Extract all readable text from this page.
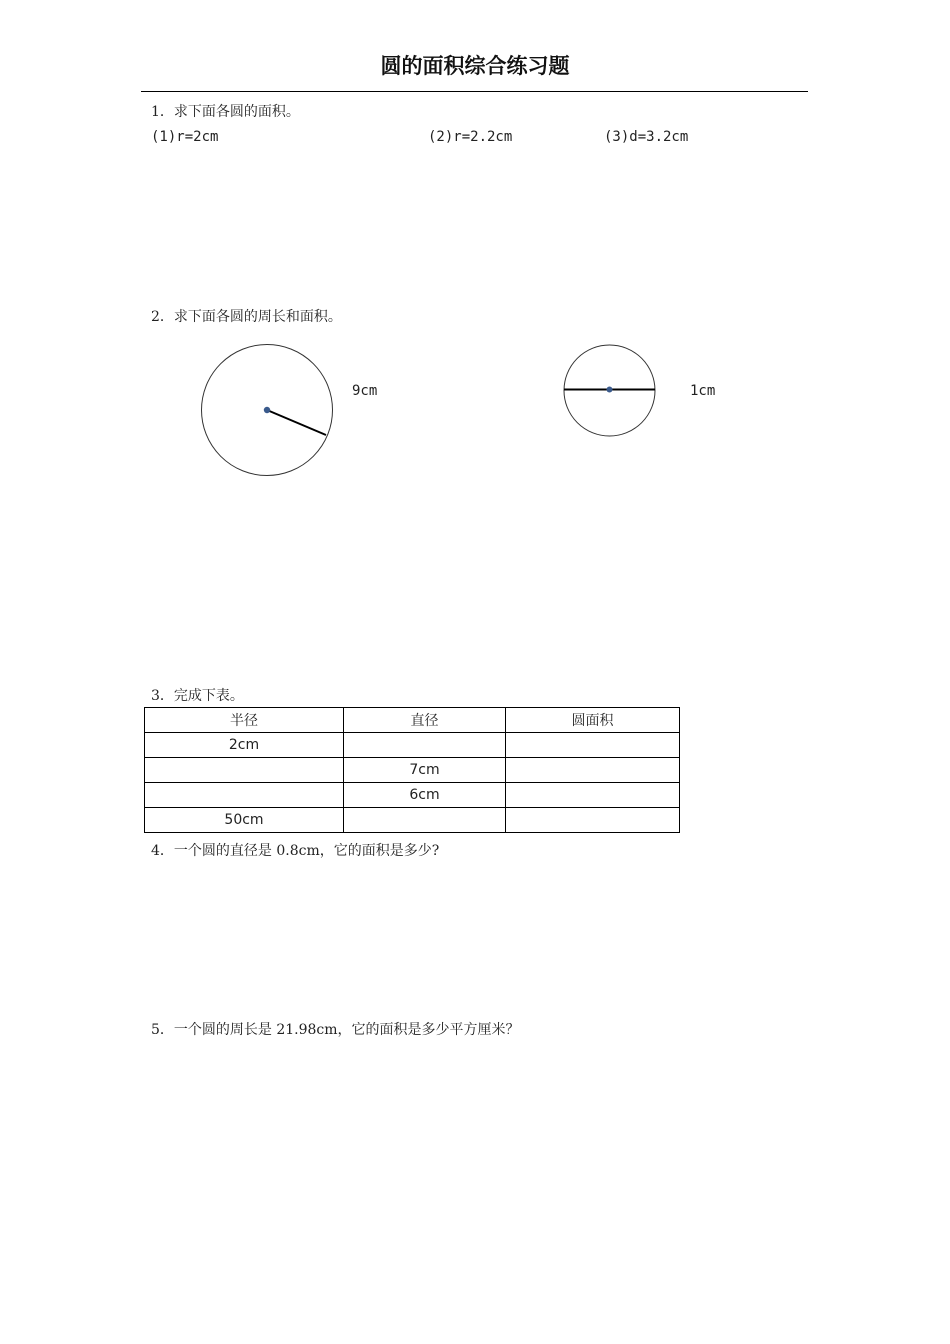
圆的面积综合练习题
1．求下面各圆的面积。
(1)r=2cm	(2)r=2.2cm	(3)d=3.2cm
2．求下面各圆的周长和面积。
9cm	1cm
3．完成下表。
半径	直径	圆面积
2cm		
	7cm	
	6cm	
50cm		
4．一个圆的直径是 0.8cm，它的面积是多少?
5．一个圆的周长是 21.98cm，它的面积是多少平方厘米？
